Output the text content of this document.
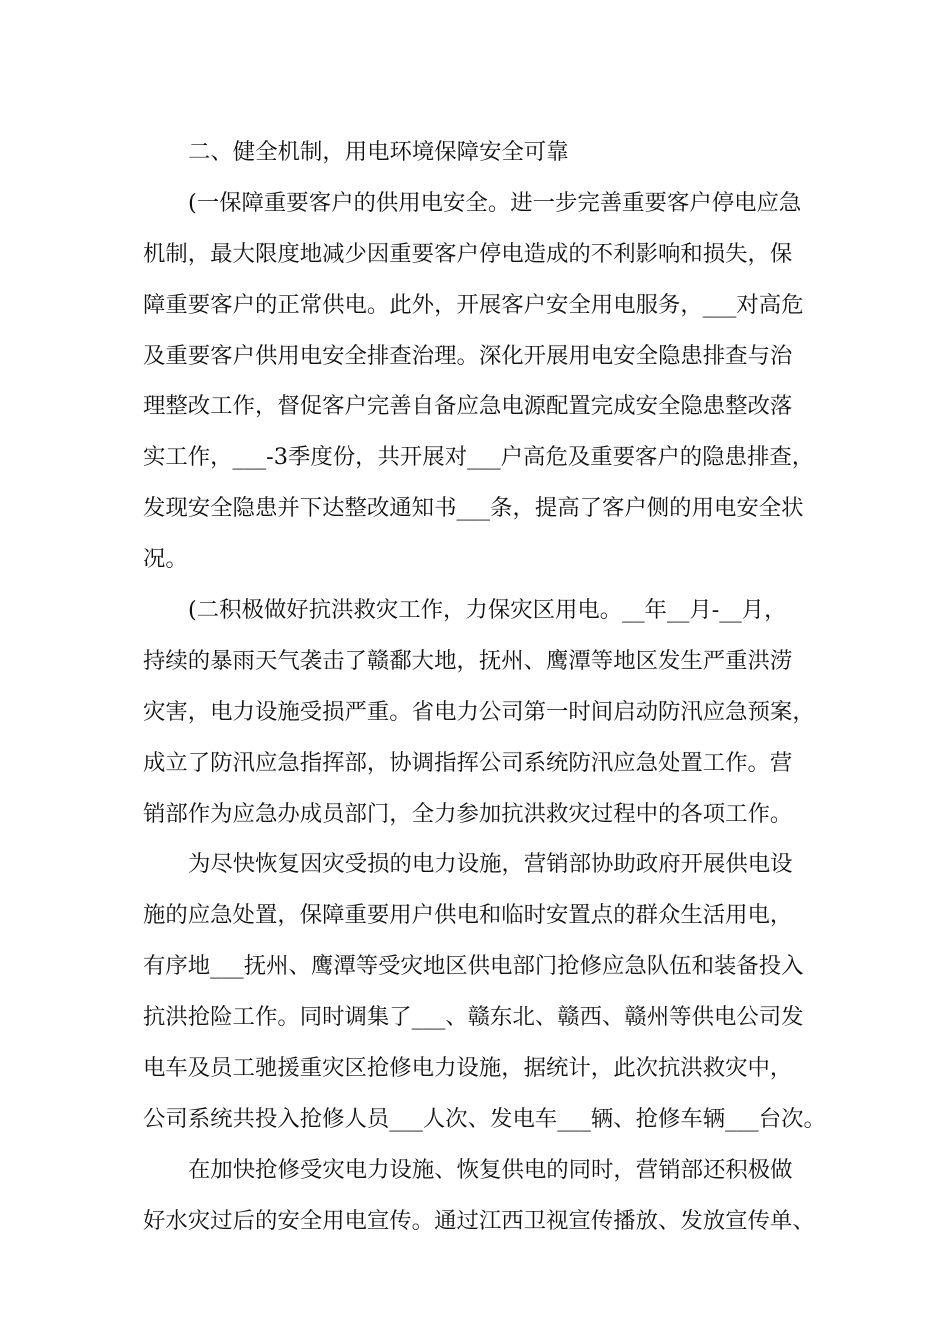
二、健全机制，用电环境保障安全可靠
(一保障重要客户的供用电安全。进一步完善重要客户停电应急
机制，最大限度地减少因重要客户停电造成的不利影响和损失，保
障重要客户的正常供电。此外，开展客户安全用电服务，___对高危
及重要客户供用电安全排查治理。深化开展用电安全隐患排查与治
理整改工作，督促客户完善自备应急电源配置完成安全隐患整改落
实工作，___-3季度份，共开展对___户高危及重要客户的隐患排查，
发现安全隐患并下达整改通知书___条，提高了客户侧的用电安全状
况。
(二积极做好抗洪救灾工作，力保灾区用电。__年__月-__月，
持续的暴雨天气袭击了赣鄱大地，抚州、鹰潭等地区发生严重洪涝
灾害，电力设施受损严重。省电力公司第一时间启动防汛应急预案，
成立了防汛应急指挥部，协调指挥公司系统防汛应急处置工作。营
销部作为应急办成员部门，全力参加抗洪救灾过程中的各项工作。
为尽快恢复因灾受损的电力设施，营销部协助政府开展供电设
施的应急处置，保障重要用户供电和临时安置点的群众生活用电，
有序地___抚州、鹰潭等受灾地区供电部门抢修应急队伍和装备投入
抗洪抢险工作。同时调集了___、赣东北、赣西、赣州等供电公司发
电车及员工驰援重灾区抢修电力设施，据统计，此次抗洪救灾中，
公司系统共投入抢修人员___人次、发电车___辆、抢修车辆___台次。
在加快抢修受灾电力设施、恢复供电的同时，营销部还积极做
好水灾过后的安全用电宣传。通过江西卫视宣传播放、发放宣传单、
